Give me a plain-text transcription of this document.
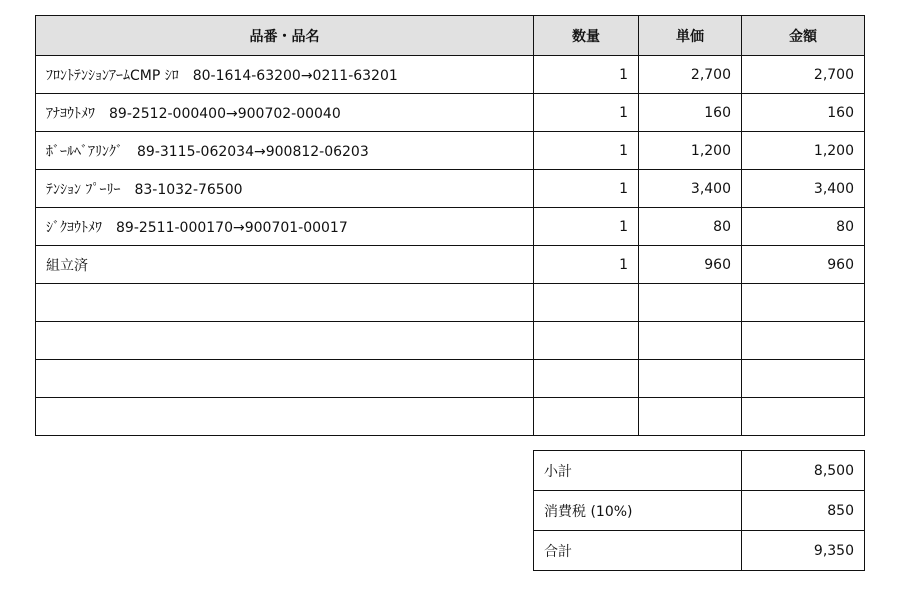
品番・品名	数量	単価	金額
ﾌﾛﾝﾄﾃﾝｼｮﾝｱｰﾑCMP ｼﾛ　80-1614-63200→0211-63201	1	2,700	2,700
ｱﾅﾖｳﾄﾒﾜ　89-2512-000400→900702-00040	1	160	160
ﾎﾞｰﾙﾍﾞｱﾘﾝｸﾞ　89-3115-062034→900812-06203	1	1,200	1,200
ﾃﾝｼｮﾝ ﾌﾟｰﾘｰ　83-1032-76500	1	3,400	3,400
ｼﾞｸﾖｳﾄﾒﾜ　89-2511-000170→900701-00017	1	80	80
組立済	1	960	960

小計	8,500
消費税 (10%)	850
合計	9,350
